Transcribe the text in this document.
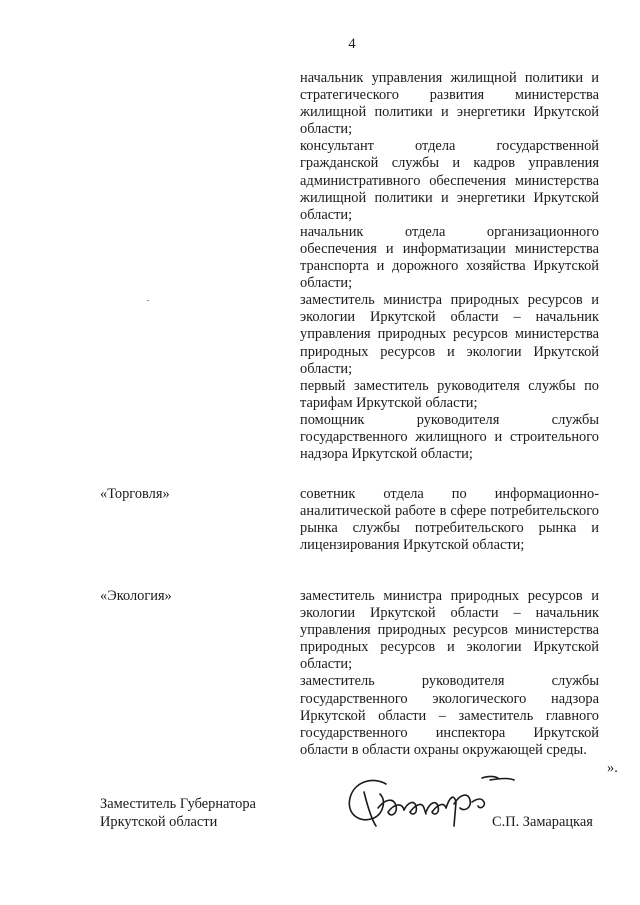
4

начальник управления жилищной политики и стратегического развития министерства жилищной политики и энергетики Иркутской области;

консультант отдела государственной гражданской службы и кадров управления административного обеспечения министерства жилищной политики и энергетики Иркутской области;

начальник отдела организационного обеспечения и информатизации министерства транспорта и дорожного хозяйства Иркутской области;

заместитель министра природных ресурсов и экологии Иркутской области – начальник управления природных ресурсов министерства природных ресурсов и экологии Иркутской области;

первый заместитель руководителя службы по тарифам Иркутской области;

помощник руководителя службы государственного жилищного и строительного надзора Иркутской области;

«Торговля»	советник отдела по информационно-аналитической работе в сфере потребительского рынка службы потребительского рынка и лицензирования Иркутской области;

«Экология»	заместитель министра природных ресурсов и экологии Иркутской области – начальник управления природных ресурсов министерства природных ресурсов и экологии Иркутской области;

заместитель руководителя службы государственного экологического надзора Иркутской области – заместитель главного государственного инспектора Иркутской области в области охраны окружающей среды.

».
Заместитель Губернатора
Иркутской области	С.П. Замарацкая
